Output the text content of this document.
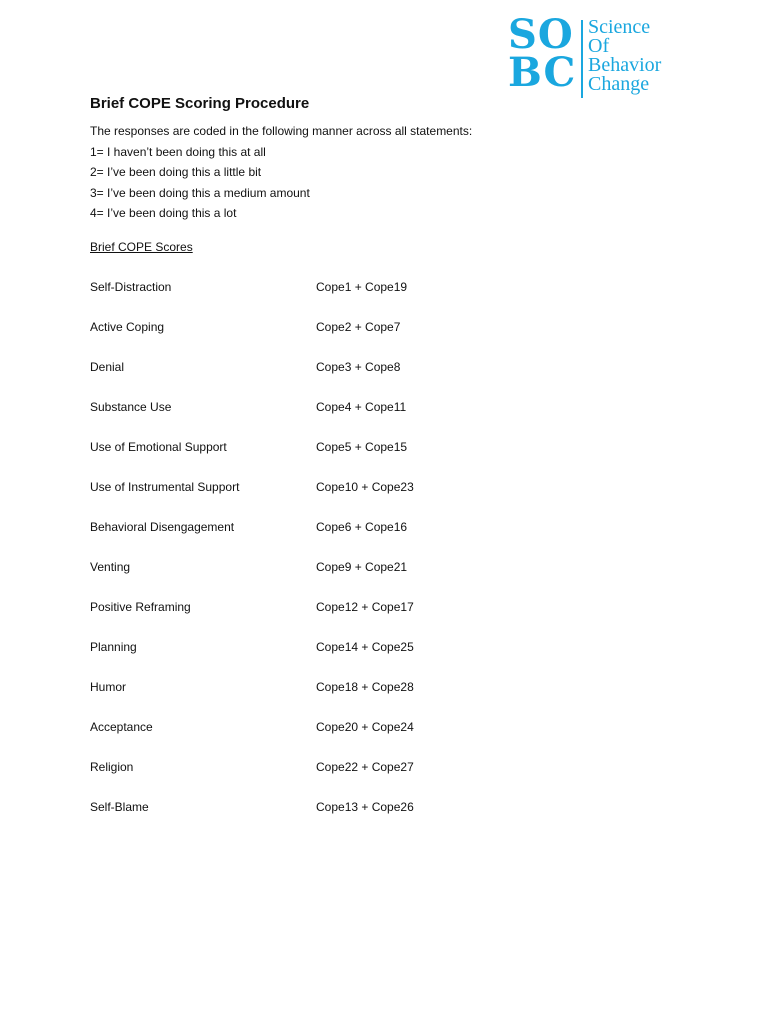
SO
BC
Science
Of
Behavior
Change
Brief COPE Scoring Procedure
The responses are coded in the following manner across all statements:
1= I haven’t been doing this at all
2= I’ve been doing this a little bit
3= I’ve been doing this a medium amount
4= I’ve been doing this a lot
Brief COPE Scores
Self-Distraction	Cope1 + Cope19
Active Coping	Cope2 + Cope7
Denial	Cope3 + Cope8
Substance Use	Cope4 + Cope11
Use of Emotional Support	Cope5 + Cope15
Use of Instrumental Support	Cope10 + Cope23
Behavioral Disengagement	Cope6 + Cope16
Venting	Cope9 + Cope21
Positive Reframing	Cope12 + Cope17
Planning	Cope14 + Cope25
Humor	Cope18 + Cope28
Acceptance	Cope20 + Cope24
Religion	Cope22 + Cope27
Self-Blame	Cope13 + Cope26
